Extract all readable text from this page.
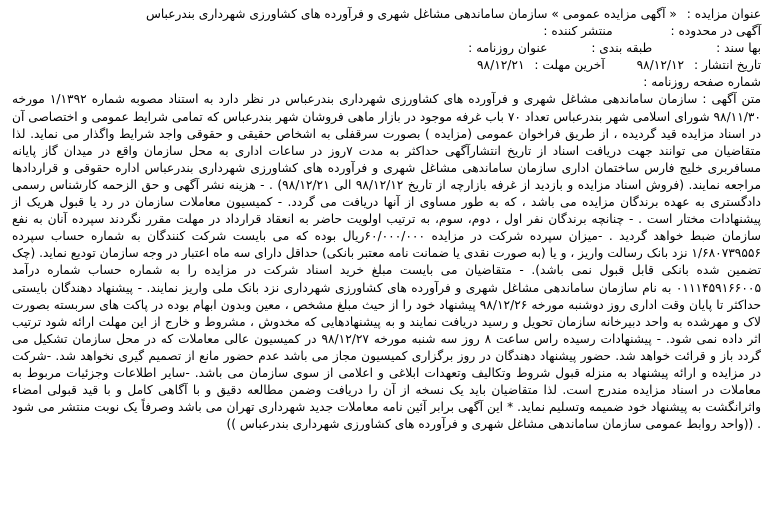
عنوان مزایده : « آگهی مزایده عمومی » سازمان ساماندهی مشاغل شهری و فرآورده های کشاورزی شهرداری بندرعباس
آگهی در محدوده : منتشر کننده :
بها سند : طبقه بندی : عنوان روزنامه :
تاریخ انتشار : ۹۸/۱۲/۱۲ آخرین مهلت : ۹۸/۱۲/۲۱
شماره صفحه روزنامه :
متن آگهی : سازمان ساماندهی مشاغل شهری و فرآورده های کشاورزی شهرداری بندرعباس در نظر دارد به استناد مصوبه شماره ۱/۱۳۹۲ مورخه ۹۸/۱۱/۳۰ شورای اسلامی شهر بندرعباس تعداد ۷۰ باب غرفه موجود در بازار ماهی فروشان شهر بندرعباس که تمامی شرایط عمومی و اختصاصی آن در اسناد مزایده قید گردیده ، از طریق فراخوان عمومی (مزایده ) بصورت سرقفلی به اشخاص حقیقی و حقوقی واجد شرایط واگذار می نماید. لذا متقاضیان می توانند جهت دریافت اسناد از تاریخ انتشارآگهی حداکثر به مدت ۷روز در ساعات اداری به محل سازمان واقع در میدان گاز پایانه مسافربری خلیج فارس ساختمان اداری سازمان ساماندهی مشاغل شهری و فرآورده های کشاورزی شهرداری بندرعباس اداره حقوقی و قراردادها مراجعه نمایند. (فروش اسناد مزایده و بازدید از غرفه بازارچه از تاریخ ۹۸/۱۲/۱۲ الی ۹۸/۱۲/۲۱) . - هزینه نشر آگهی و حق الزحمه کارشناس رسمی دادگستری به عهده برندگان مزایده می باشد ، که به طور مساوی از آنها دریافت می گردد. - کمیسیون معاملات سازمان در رد یا قبول هریک از پیشنهادات مختار است . - چنانچه برندگان نفر اول ، دوم، سوم، به ترتیب اولویت حاضر به انعقاد قرارداد در مهلت مقرر نگردند سپرده آنان به نفع سازمان ضبط خواهد گردید . -میزان سپرده شرکت در مزایده ۶۰/۰۰۰/۰۰۰ریال بوده که می بایست شرکت کنندگان به شماره حساب سپرده ۱/۶۸۰۷۳۹۵۵۶ نزد بانک رسالت واریز ، و یا (به صورت نقدی یا ضمانت نامه معتبر بانکی) حداقل دارای سه ماه اعتبار در وجه سازمان تودیع نماید. (چک تضمین شده بانکی قابل قبول نمی باشد). - متقاضیان می بایست مبلغ خرید اسناد شرکت در مزایده را به شماره حساب شماره درآمد ۰۱۱۱۴۵۹۱۶۶۰۰۵ به نام سازمان ساماندهی مشاغل شهری و فرآورده های کشاورزی شهرداری نزد بانک ملی واریز نمایند. - پیشنهاد دهندگان بایستی حداکثر تا پایان وقت اداری روز دوشنبه مورخه ۹۸/۱۲/۲۶ پیشنهاد خود را از حیث مبلغ مشخص ، معین وبدون ابهام بوده در پاکت های سربسته بصورت لاک و مهرشده به واحد دبیرخانه سازمان تحویل و رسید دریافت نمایند و به پیشنهادهایی که مخدوش ، مشروط و خارج از این مهلت ارائه شود ترتیب اثر داده نمی شود. - پیشنهادات رسیده راس ساعت ۸ روز سه شنبه مورخه ۹۸/۱۲/۲۷ در کمیسیون عالی معاملات که در محل سازمان تشکیل می گردد باز و قرائت خواهد شد. حضور پیشنهاد دهندگان در روز برگزاری کمیسیون مجاز می باشد عدم حضور مانع از تصمیم گیری نخواهد شد. -شرکت در مزایده و ارائه پیشنهاد به منزله قبول شروط وتکالیف وتعهدات ابلاغی و اعلامی از سوی سازمان می باشد. -سایر اطلاعات وجزئیات مربوط به معاملات در اسناد مزایده مندرج است. لذا متقاضیان باید یک نسخه از آن را دریافت وضمن مطالعه دقیق و با آگاهی کامل و با قید قبولی امضاء واثرانگشت به پیشنهاد خود ضمیمه وتسلیم نماید. * این آگهی برابر آئین نامه معاملات جدید شهرداری تهران می باشد وصرفاً یک نوبت منتشر می شود . ((واحد روابط عمومی سازمان ساماندهی مشاغل شهری و فرآورده های کشاورزی شهرداری بندرعباس ))
